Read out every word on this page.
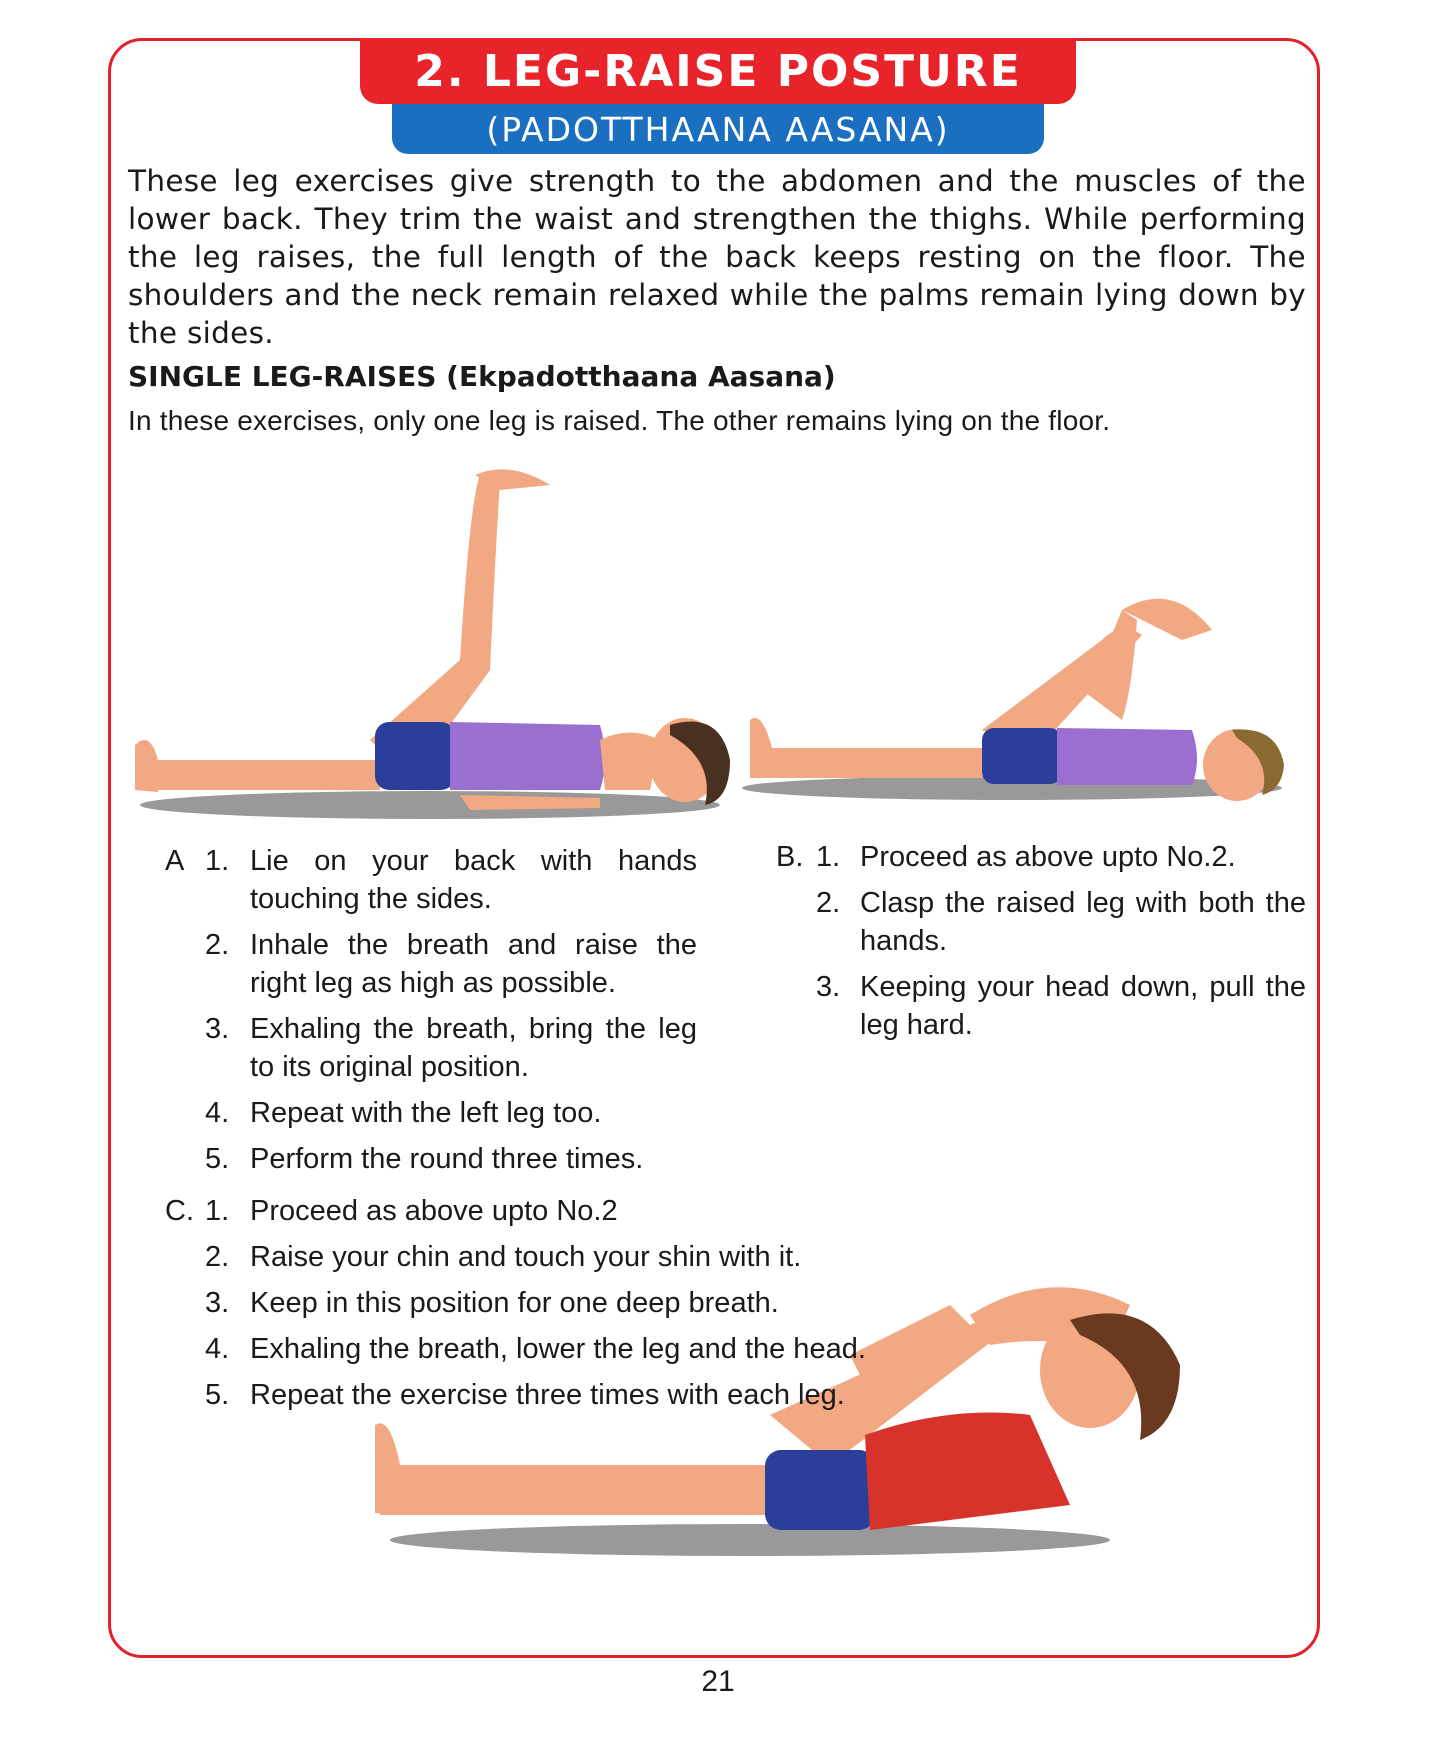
2. LEG-RAISE POSTURE
(PADOTTHAANA AASANA)
These leg exercises give strength to the abdomen and the muscles of the lower back. They trim the waist and strengthen the thighs. While performing the leg raises, the full length of the back keeps resting on the floor. The shoulders and the neck remain relaxed while the palms remain lying down by the sides.
SINGLE LEG-RAISES (Ekpadotthaana Aasana)
In these exercises, only one leg is raised. The other remains lying on the floor.
A 1. Lie on your back with hands touching the sides.
2. Inhale the breath and raise the right leg as high as possible.
3. Exhaling the breath, bring the leg to its original position.
4. Repeat with the left leg too.
5. Perform the round three times.
B. 1. Proceed as above upto No.2.
2. Clasp the raised leg with both the hands.
3. Keeping your head down, pull the leg hard.
C. 1. Proceed as above upto No.2
2. Raise your chin and touch your shin with it.
3. Keep in this position for one deep breath.
4. Exhaling the breath, lower the leg and the head.
5. Repeat the exercise three times with each leg.
21
